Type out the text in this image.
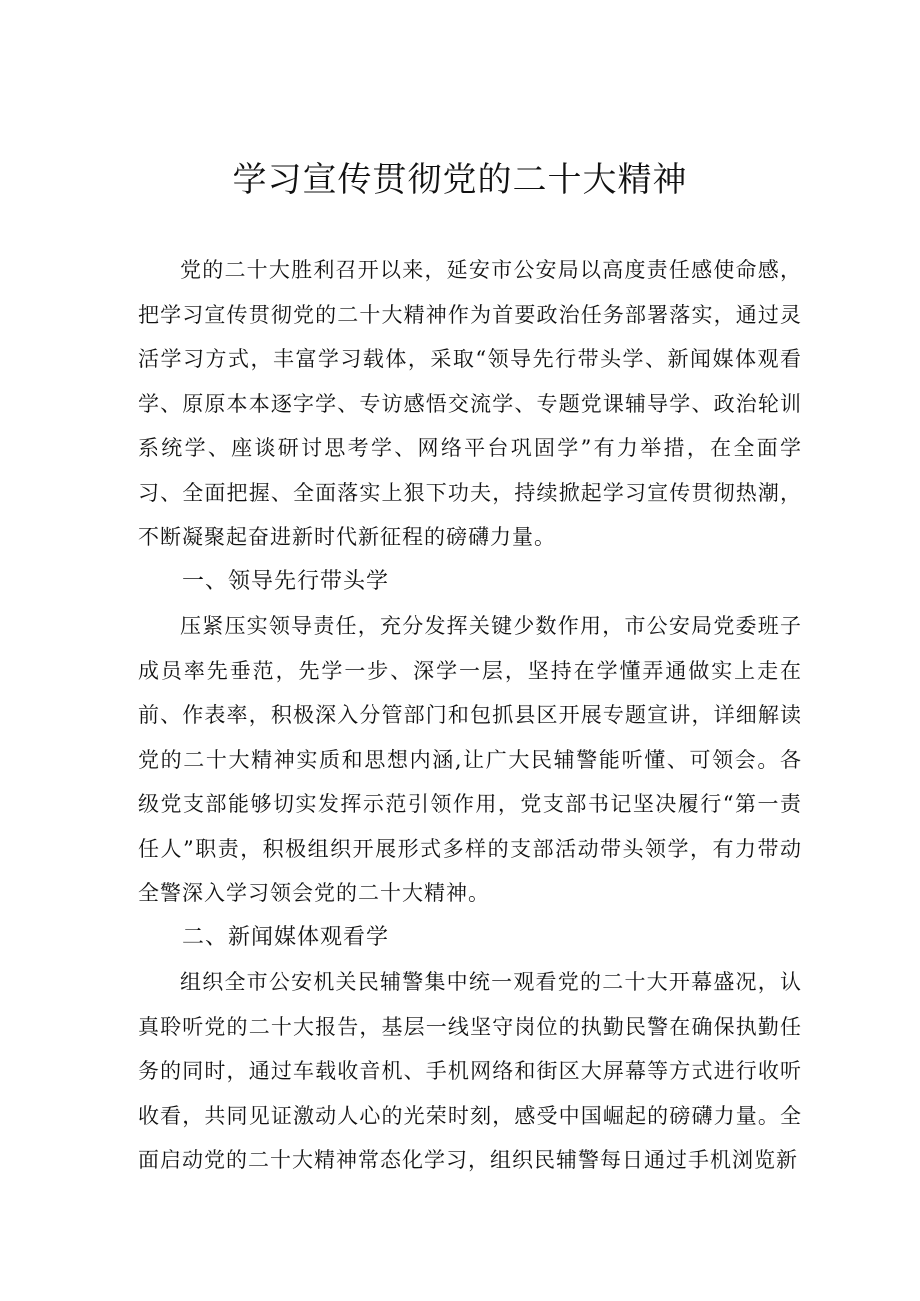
学习宣传贯彻党的二十大精神

党的二十大胜利召开以来，延安市公安局以高度责任感使命感，把学习宣传贯彻党的二十大精神作为首要政治任务部署落实，通过灵活学习方式，丰富学习载体，采取“领导先行带头学、新闻媒体观看学、原原本本逐字学、专访感悟交流学、专题党课辅导学、政治轮训系统学、座谈研讨思考学、网络平台巩固学”有力举措，在全面学习、全面把握、全面落实上狠下功夫，持续掀起学习宣传贯彻热潮，不断凝聚起奋进新时代新征程的磅礴力量。

一、领导先行带头学

压紧压实领导责任，充分发挥关键少数作用，市公安局党委班子成员率先垂范，先学一步、深学一层，坚持在学懂弄通做实上走在前、作表率，积极深入分管部门和包抓县区开展专题宣讲，详细解读党的二十大精神实质和思想内涵,让广大民辅警能听懂、可领会。各级党支部能够切实发挥示范引领作用，党支部书记坚决履行“第一责任人”职责，积极组织开展形式多样的支部活动带头领学，有力带动全警深入学习领会党的二十大精神。

二、新闻媒体观看学

组织全市公安机关民辅警集中统一观看党的二十大开幕盛况，认真聆听党的二十大报告，基层一线坚守岗位的执勤民警在确保执勤任务的同时，通过车载收音机、手机网络和街区大屏幕等方式进行收听收看，共同见证激动人心的光荣时刻，感受中国崛起的磅礴力量。全面启动党的二十大精神常态化学习，组织民辅警每日通过手机浏览新
